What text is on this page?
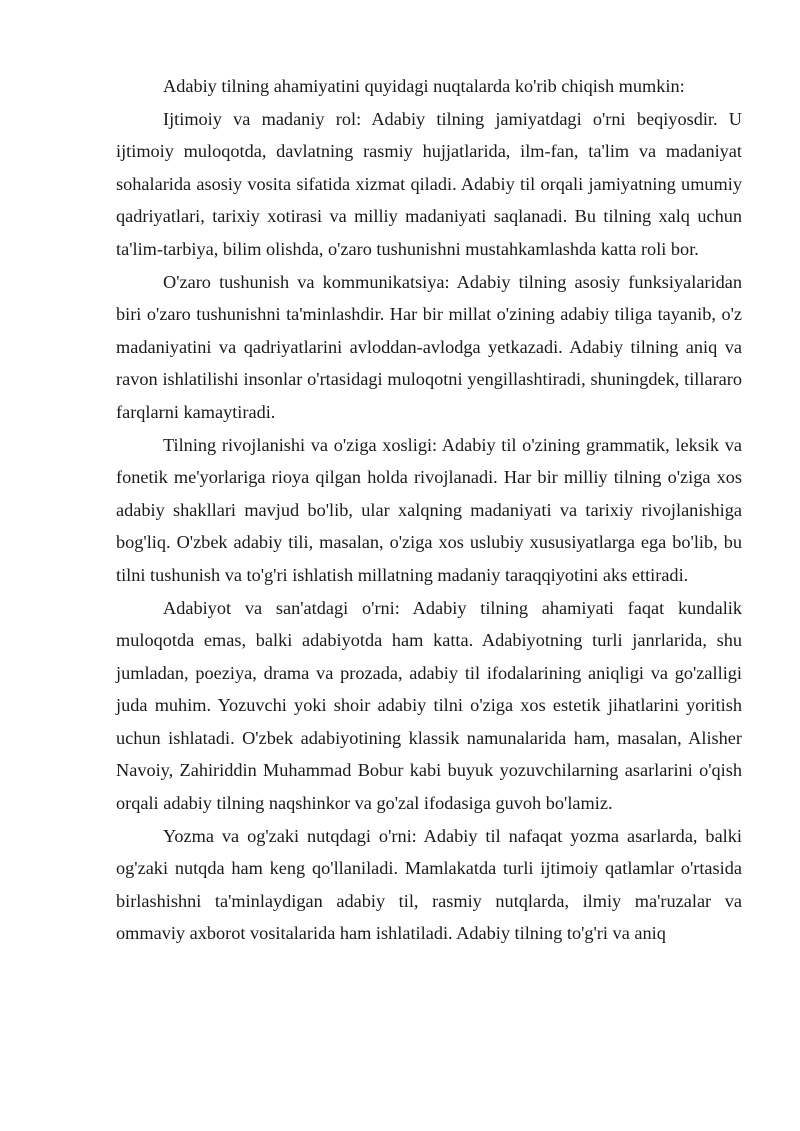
Adabiy tilning ahamiyatini quyidagi nuqtalarda ko'rib chiqish mumkin:

Ijtimoiy va madaniy rol: Adabiy tilning jamiyatdagi o'rni beqiyosdir. U ijtimoiy muloqotda, davlatning rasmiy hujjatlarida, ilm-fan, ta'lim va madaniyat sohalarida asosiy vosita sifatida xizmat qiladi. Adabiy til orqali jamiyatning umumiy qadriyatlari, tarixiy xotirasi va milliy madaniyati saqlanadi. Bu tilning xalq uchun ta'lim-tarbiya, bilim olishda, o'zaro tushunishni mustahkamlashda katta roli bor.

O'zaro tushunish va kommunikatsiya: Adabiy tilning asosiy funksiyalaridan biri o'zaro tushunishni ta'minlashdir. Har bir millat o'zining adabiy tiliga tayanib, o'z madaniyatini va qadriyatlarini avloddan-avlodga yetkazadi. Adabiy tilning aniq va ravon ishlatilishi insonlar o'rtasidagi muloqotni yengillashtiradi, shuningdek, tillararo farqlarni kamaytiradi.

Tilning rivojlanishi va o'ziga xosligi: Adabiy til o'zining grammatik, leksik va fonetik me'yorlariga rioya qilgan holda rivojlanadi. Har bir milliy tilning o'ziga xos adabiy shakllari mavjud bo'lib, ular xalqning madaniyati va tarixiy rivojlanishiga bog'liq. O'zbek adabiy tili, masalan, o'ziga xos uslubiy xususiyatlarga ega bo'lib, bu tilni tushunish va to'g'ri ishlatish millatning madaniy taraqqiyotini aks ettiradi.

Adabiyot va san'atdagi o'rni: Adabiy tilning ahamiyati faqat kundalik muloqotda emas, balki adabiyotda ham katta. Adabiyotning turli janrlarida, shu jumladan, poeziya, drama va prozada, adabiy til ifodalarining aniqligi va go'zalligi juda muhim. Yozuvchi yoki shoir adabiy tilni o'ziga xos estetik jihatlarini yoritish uchun ishlatadi. O'zbek adabiyotining klassik namunalarida ham, masalan, Alisher Navoiy, Zahiriddin Muhammad Bobur kabi buyuk yozuvchilarning asarlarini o'qish orqali adabiy tilning naqshinkor va go'zal ifodasiga guvoh bo'lamiz.

Yozma va og'zaki nutqdagi o'rni: Adabiy til nafaqat yozma asarlarda, balki og'zaki nutqda ham keng qo'llaniladi. Mamlakatda turli ijtimoiy qatlamlar o'rtasida birlashishni ta'minlaydigan adabiy til, rasmiy nutqlarda, ilmiy ma'ruzalar va ommaviy axborot vositalarida ham ishlatiladi. Adabiy tilning to'g'ri va aniq
